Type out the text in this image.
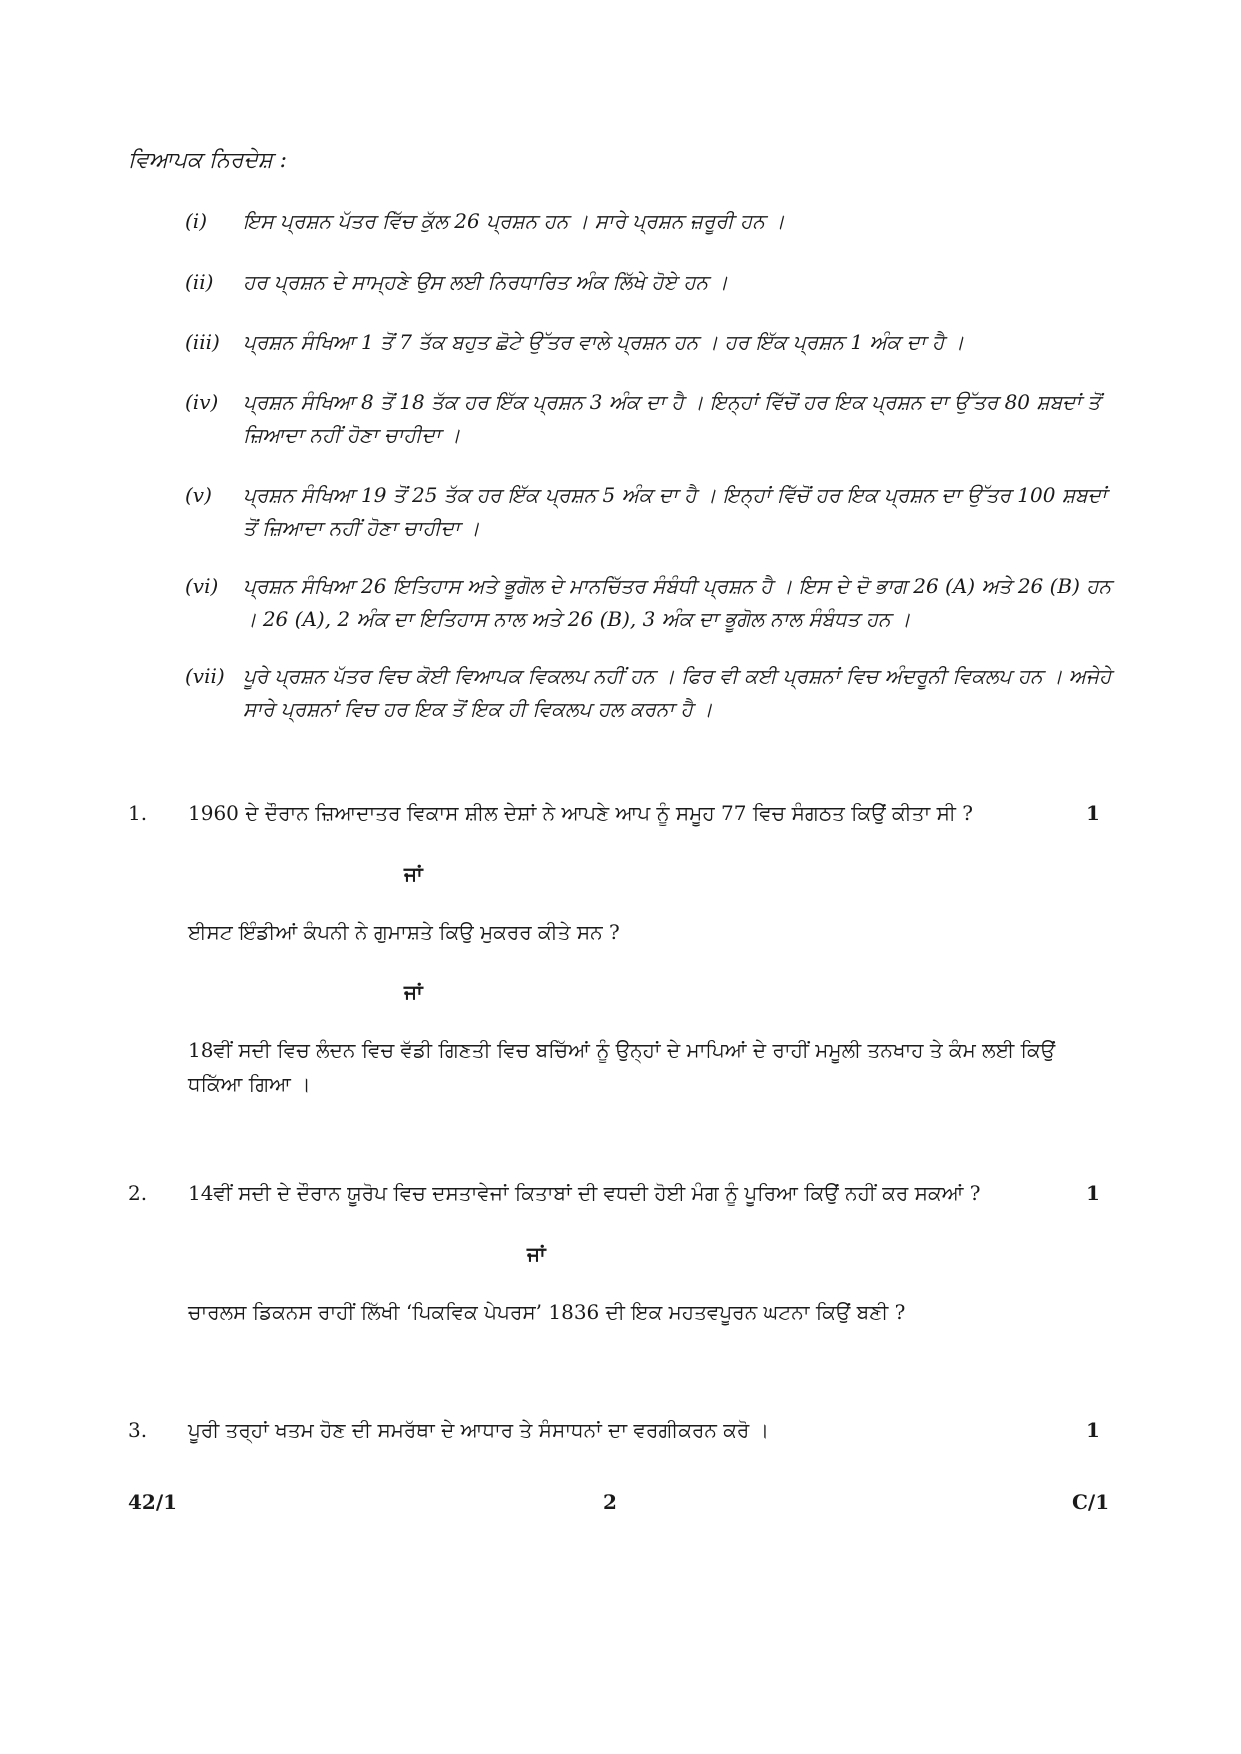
ਵਿਆਪਕ ਨਿਰਦੇਸ਼ :
(i)	ਇਸ ਪ੍ਰਸ਼ਨ ਪੱਤਰ ਵਿੱਚ ਕੁੱਲ 26 ਪ੍ਰਸ਼ਨ ਹਨ । ਸਾਰੇ ਪ੍ਰਸ਼ਨ ਜ਼ਰੂਰੀ ਹਨ ।
(ii)	ਹਰ ਪ੍ਰਸ਼ਨ ਦੇ ਸਾਮ੍ਹਣੇ ਉਸ ਲਈ ਨਿਰਧਾਰਿਤ ਅੰਕ ਲਿੱਖੇ ਹੋਏ ਹਨ ।
(iii)	ਪ੍ਰਸ਼ਨ ਸੰਖਿਆ 1 ਤੋਂ 7 ਤੱਕ ਬਹੁਤ ਛੋਟੇ ਉੱਤਰ ਵਾਲੇ ਪ੍ਰਸ਼ਨ ਹਨ । ਹਰ ਇੱਕ ਪ੍ਰਸ਼ਨ 1 ਅੰਕ ਦਾ ਹੈ ।
(iv)	ਪ੍ਰਸ਼ਨ ਸੰਖਿਆ 8 ਤੋਂ 18 ਤੱਕ ਹਰ ਇੱਕ ਪ੍ਰਸ਼ਨ 3 ਅੰਕ ਦਾ ਹੈ । ਇਨ੍ਹਾਂ ਵਿੱਚੋਂ ਹਰ ਇਕ ਪ੍ਰਸ਼ਨ ਦਾ ਉੱਤਰ 80 ਸ਼ਬਦਾਂ ਤੋਂ ਜ਼ਿਆਦਾ ਨਹੀਂ ਹੋਣਾ ਚਾਹੀਦਾ ।
(v)	ਪ੍ਰਸ਼ਨ ਸੰਖਿਆ 19 ਤੋਂ 25 ਤੱਕ ਹਰ ਇੱਕ ਪ੍ਰਸ਼ਨ 5 ਅੰਕ ਦਾ ਹੈ । ਇਨ੍ਹਾਂ ਵਿੱਚੋਂ ਹਰ ਇਕ ਪ੍ਰਸ਼ਨ ਦਾ ਉੱਤਰ 100 ਸ਼ਬਦਾਂ ਤੋਂ ਜ਼ਿਆਦਾ ਨਹੀਂ ਹੋਣਾ ਚਾਹੀਦਾ ।
(vi)	ਪ੍ਰਸ਼ਨ ਸੰਖਿਆ 26 ਇਤਿਹਾਸ ਅਤੇ ਭੂਗੋਲ ਦੇ ਮਾਨਚਿੱਤਰ ਸੰਬੰਧੀ ਪ੍ਰਸ਼ਨ ਹੈ । ਇਸ ਦੇ ਦੋ ਭਾਗ 26 (A) ਅਤੇ 26 (B) ਹਨ । 26 (A), 2 ਅੰਕ ਦਾ ਇਤਿਹਾਸ ਨਾਲ ਅਤੇ 26 (B), 3 ਅੰਕ ਦਾ ਭੂਗੋਲ ਨਾਲ ਸੰਬੰਧਤ ਹਨ ।
(vii) ਪੂਰੇ ਪ੍ਰਸ਼ਨ ਪੱਤਰ ਵਿਚ ਕੋਈ ਵਿਆਪਕ ਵਿਕਲਪ ਨਹੀਂ ਹਨ । ਫਿਰ ਵੀ ਕਈ ਪ੍ਰਸ਼ਨਾਂ ਵਿਚ ਅੰਦਰੂਨੀ ਵਿਕਲਪ ਹਨ । ਅਜੇਹੇ ਸਾਰੇ ਪ੍ਰਸ਼ਨਾਂ ਵਿਚ ਹਰ ਇਕ ਤੋਂ ਇਕ ਹੀ ਵਿਕਲਪ ਹਲ ਕਰਨਾ ਹੈ ।
1. 1960 ਦੇ ਦੌਰਾਨ ਜ਼ਿਆਦਾਤਰ ਵਿਕਾਸ ਸ਼ੀਲ ਦੇਸ਼ਾਂ ਨੇ ਆਪਣੇ ਆਪ ਨੂੰ ਸਮੂਹ 77 ਵਿਚ ਸੰਗਠਤ ਕਿਉਂ ਕੀਤਾ ਸੀ ?	1
ਜਾਂ
ਈਸਟ ਇੰਡੀਆਂ ਕੰਪਨੀ ਨੇ ਗੁਮਾਸ਼ਤੇ ਕਿਉ ਮੁਕਰਰ ਕੀਤੇ ਸਨ ?
ਜਾਂ
18ਵੀਂ ਸਦੀ ਵਿਚ ਲੰਦਨ ਵਿਚ ਵੱਡੀ ਗਿਣਤੀ ਵਿਚ ਬਚਿੱਆਂ ਨੂੰ ਉਨ੍ਹਾਂ ਦੇ ਮਾਪਿਆਂ ਦੇ ਰਾਹੀਂ ਮਮੂਲੀ ਤਨਖਾਹ ਤੇ ਕੰਮ ਲਈ ਕਿਉਂ ਧਕਿੱਆ ਗਿਆ ।
2. 14ਵੀਂ ਸਦੀ ਦੇ ਦੌਰਾਨ ਯੂਰੋਪ ਵਿਚ ਦਸਤਾਵੇਜਾਂ ਕਿਤਾਬਾਂ ਦੀ ਵਧਦੀ ਹੋਈ ਮੰਗ ਨੂੰ ਪੂਰਿਆ ਕਿਉਂ ਨਹੀਂ ਕਰ ਸਕਆਂ ?	1
ਜਾਂ
ਚਾਰਲਸ ਡਿਕਨਸ ਰਾਹੀਂ ਲਿੱਖੀ ‘ਪਿਕਵਿਕ ਪੇਪਰਸ’ 1836 ਦੀ ਇਕ ਮਹਤਵਪੂਰਨ ਘਟਨਾ ਕਿਉਂ ਬਣੀ ?
3. ਪੂਰੀ ਤਰ੍ਹਾਂ ਖਤਮ ਹੋਣ ਦੀ ਸਮਰੱਥਾ ਦੇ ਆਧਾਰ ਤੇ ਸੰਸਾਧਨਾਂ ਦਾ ਵਰਗੀਕਰਨ ਕਰੋ ।	1
42/1	2	C/1
